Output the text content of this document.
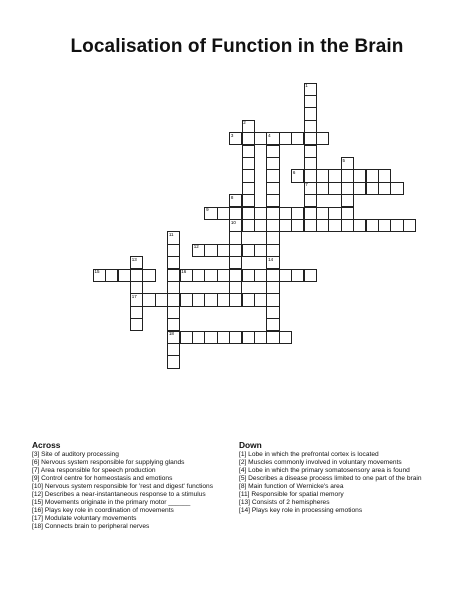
Localisation of Function in the Brain
1
2
3	4
5
6
7
8
9
10
11
12
13	14
15	16
17
18
Across
[3] Site of auditory processing
[6] Nervous system responsible for supplying glands
[7] Area responsible for speech production
[9] Control centre for homeostasis and emotions
[10] Nervous system responsible for 'rest and digest' functions
[12] Describes a near-instantaneous response to a stimulus
[15] Movements originate in the primary motor ______
[16] Plays key role in coordination of movements
[17] Modulate voluntary movements
[18] Connects brain to peripheral nerves
Down
[1] Lobe in which the prefrontal cortex is located
[2] Muscles commonly involved in voluntary movements
[4] Lobe in which the primary somatosensory area is found
[5] Describes a disease process limited to one part of the brain
[8] Main function of Wernicke's area
[11] Responsible for spatial memory
[13] Consists of 2 hemispheres
[14] Plays key role in processing emotions
